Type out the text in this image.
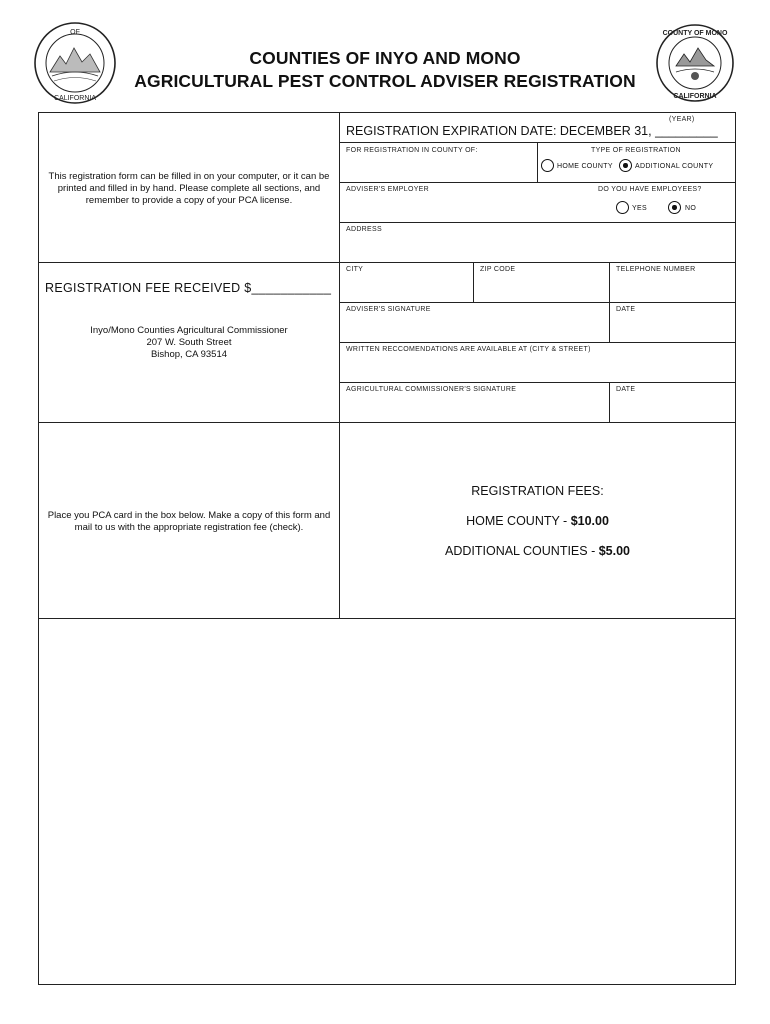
OF
CALIFORNIA
COUNTIES OF INYO AND MONO
AGRICULTURAL PEST CONTROL ADVISER REGISTRATION
COUNTY OF MONO
CALIFORNIA
This registration form can be filled in on your computer, or it can be printed and filled in by hand. Please complete all sections, and remember to provide a copy of your PCA license.
REGISTRATION FEE RECEIVED $___________
Inyo/Mono Counties Agricultural Commissioner
207 W. South Street
Bishop, CA 93514
Place you PCA card in the box below. Make a copy of this form and mail to us with the appropriate registration fee (check).
(YEAR)
REGISTRATION EXPIRATION DATE: DECEMBER 31, _________
FOR REGISTRATION IN COUNTY OF:	TYPE OF REGISTRATION
HOME COUNTY	ADDITIONAL COUNTY
ADVISER'S EMPLOYER	DO YOU HAVE EMPLOYEES?
YES	NO
ADDRESS
CITY	ZIP CODE	TELEPHONE NUMBER
ADVISER'S SIGNATURE	DATE
WRITTEN RECCOMENDATIONS ARE AVAILABLE AT (CITY & STREET)
AGRICULTURAL COMMISSIONER'S SIGNATURE	DATE
REGISTRATION FEES:
HOME COUNTY - $10.00
ADDITIONAL COUNTIES - $5.00
